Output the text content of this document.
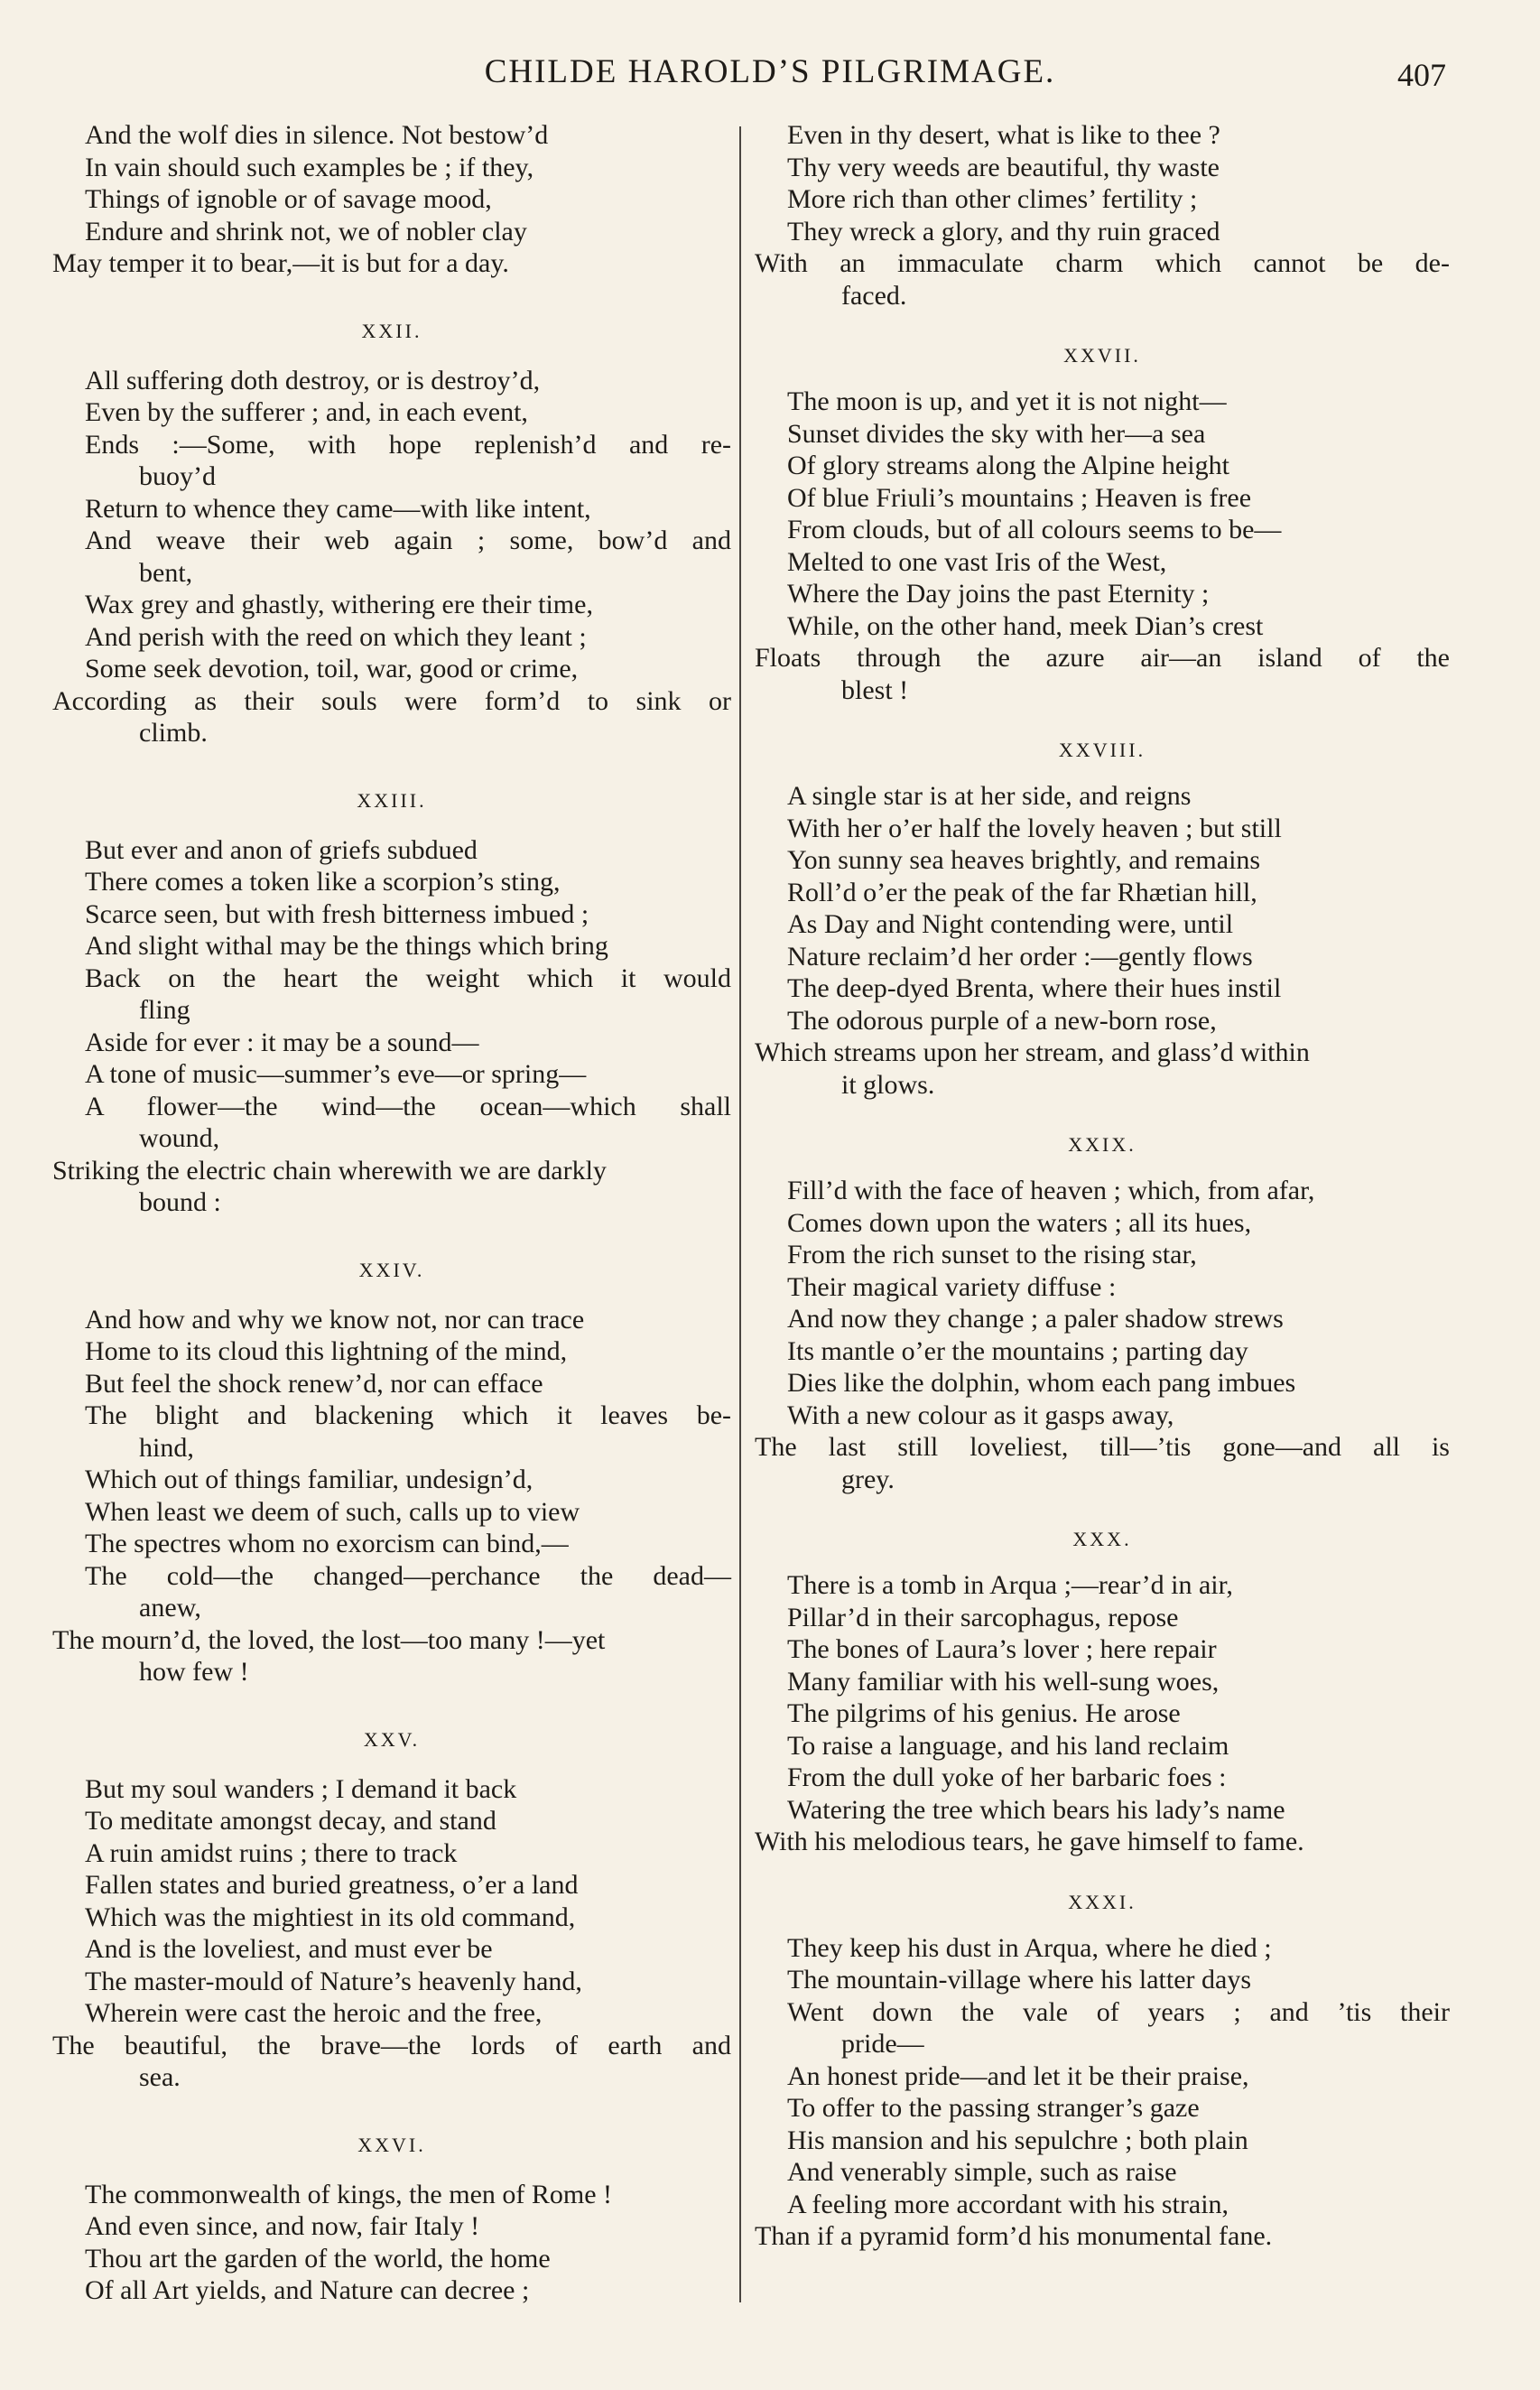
CHILDE HAROLD’S PILGRIMAGE.	407
And the wolf dies in silence. Not bestow’d
In vain should such examples be ; if they,
Things of ignoble or of savage mood,
Endure and shrink not, we of nobler clay
May temper it to bear,—it is but for a day.
XXII.
All suffering doth destroy, or is destroy’d,
Even by the sufferer ; and, in each event,
Ends :—Some, with hope replenish’d and re-
buoy’d
Return to whence they came—with like intent,
And weave their web again ; some, bow’d and
bent,
Wax grey and ghastly, withering ere their time,
And perish with the reed on which they leant ;
Some seek devotion, toil, war, good or crime,
According as their souls were form’d to sink or
climb.
XXIII.
But ever and anon of griefs subdued
There comes a token like a scorpion’s sting,
Scarce seen, but with fresh bitterness imbued ;
And slight withal may be the things which bring
Back on the heart the weight which it would
fling
Aside for ever : it may be a sound—
A tone of music—summer’s eve—or spring—
A flower—the wind—the ocean—which shall
wound,
Striking the electric chain wherewith we are darkly
bound :
XXIV.
And how and why we know not, nor can trace
Home to its cloud this lightning of the mind,
But feel the shock renew’d, nor can efface
The blight and blackening which it leaves be-
hind,
Which out of things familiar, undesign’d,
When least we deem of such, calls up to view
The spectres whom no exorcism can bind,—
The cold—the changed—perchance the dead—
anew,
The mourn’d, the loved, the lost—too many !—yet
how few !
XXV.
But my soul wanders ; I demand it back
To meditate amongst decay, and stand
A ruin amidst ruins ; there to track
Fallen states and buried greatness, o’er a land
Which was the mightiest in its old command,
And is the loveliest, and must ever be
The master-mould of Nature’s heavenly hand,
Wherein were cast the heroic and the free,
The beautiful, the brave—the lords of earth and
sea.
XXVI.
The commonwealth of kings, the men of Rome !
And even since, and now, fair Italy !
Thou art the garden of the world, the home
Of all Art yields, and Nature can decree ;
Even in thy desert, what is like to thee ?
Thy very weeds are beautiful, thy waste
More rich than other climes’ fertility ;
They wreck a glory, and thy ruin graced
With an immaculate charm which cannot be de-
faced.
XXVII.
The moon is up, and yet it is not night—
Sunset divides the sky with her—a sea
Of glory streams along the Alpine height
Of blue Friuli’s mountains ; Heaven is free
From clouds, but of all colours seems to be—
Melted to one vast Iris of the West,
Where the Day joins the past Eternity ;
While, on the other hand, meek Dian’s crest
Floats through the azure air—an island of the
blest !
XXVIII.
A single star is at her side, and reigns
With her o’er half the lovely heaven ; but still
Yon sunny sea heaves brightly, and remains
Roll’d o’er the peak of the far Rhætian hill,
As Day and Night contending were, until
Nature reclaim’d her order :—gently flows
The deep-dyed Brenta, where their hues instil
The odorous purple of a new-born rose,
Which streams upon her stream, and glass’d within
it glows.
XXIX.
Fill’d with the face of heaven ; which, from afar,
Comes down upon the waters ; all its hues,
From the rich sunset to the rising star,
Their magical variety diffuse :
And now they change ; a paler shadow strews
Its mantle o’er the mountains ; parting day
Dies like the dolphin, whom each pang imbues
With a new colour as it gasps away,
The last still loveliest, till—’tis gone—and all is
grey.
XXX.
There is a tomb in Arqua ;—rear’d in air,
Pillar’d in their sarcophagus, repose
The bones of Laura’s lover ; here repair
Many familiar with his well-sung woes,
The pilgrims of his genius. He arose
To raise a language, and his land reclaim
From the dull yoke of her barbaric foes :
Watering the tree which bears his lady’s name
With his melodious tears, he gave himself to fame.
XXXI.
They keep his dust in Arqua, where he died ;
The mountain-village where his latter days
Went down the vale of years ; and ’tis their
pride—
An honest pride—and let it be their praise,
To offer to the passing stranger’s gaze
His mansion and his sepulchre ; both plain
And venerably simple, such as raise
A feeling more accordant with his strain,
Than if a pyramid form’d his monumental fane.
